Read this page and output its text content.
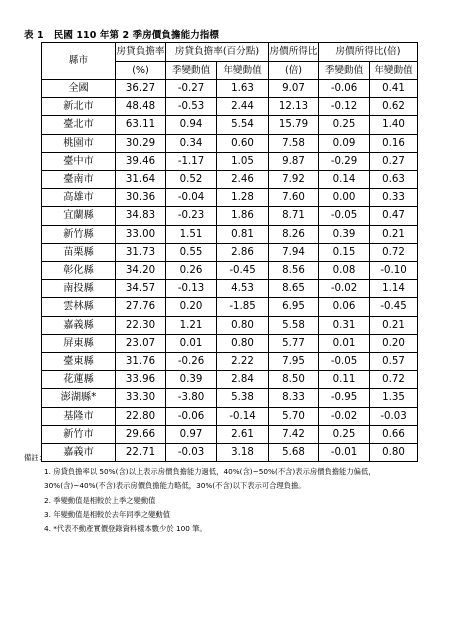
表 1 民國 110 年第 2 季房價負擔能力指標
縣市	房貸負擔率	房貸負擔率(百分點)		房價所得比	房價所得比(倍)	
	(%)	季變動值	年變動值	(倍)	季變動值	年變動值
全國	36.27	-0.27	1.63	9.07	-0.06	0.41
新北市	48.48	-0.53	2.44	12.13	-0.12	0.62
臺北市	63.11	0.94	5.54	15.79	0.25	1.40
桃園市	30.29	0.34	0.60	7.58	0.09	0.16
臺中市	39.46	-1.17	1.05	9.87	-0.29	0.27
臺南市	31.64	0.52	2.46	7.92	0.14	0.63
高雄市	30.36	-0.04	1.28	7.60	0.00	0.33
宜蘭縣	34.83	-0.23	1.86	8.71	-0.05	0.47
新竹縣	33.00	1.51	0.81	8.26	0.39	0.21
苗栗縣	31.73	0.55	2.86	7.94	0.15	0.72
彰化縣	34.20	0.26	-0.45	8.56	0.08	-0.10
南投縣	34.57	-0.13	4.53	8.65	-0.02	1.14
雲林縣	27.76	0.20	-1.85	6.95	0.06	-0.45
嘉義縣	22.30	1.21	0.80	5.58	0.31	0.21
屏東縣	23.07	0.01	0.80	5.77	0.01	0.20
臺東縣	31.76	-0.26	2.22	7.95	-0.05	0.57
花蓮縣	33.96	0.39	2.84	8.50	0.11	0.72
澎湖縣*	33.30	-3.80	5.38	8.33	-0.95	1.35
基隆市	22.80	-0.06	-0.14	5.70	-0.02	-0.03
新竹市	29.66	0.97	2.61	7.42	0.25	0.66
嘉義市	22.71	-0.03	3.18	5.68	-0.01	0.80
備註：
1. 房貸負擔率以 50%(含)以上表示房價負擔能力過低，40%(含)~50%(不含)表示房價負擔能力偏低，
30%(含)~40%(不含)表示房價負擔能力略低，30%(不含)以下表示可合理負擔。
2. 季變動值是相較於上季之變動值
3. 年變動值是相較於去年同季之變動值
4. *代表不動產實價登錄資料樣本數少於 100 筆。
